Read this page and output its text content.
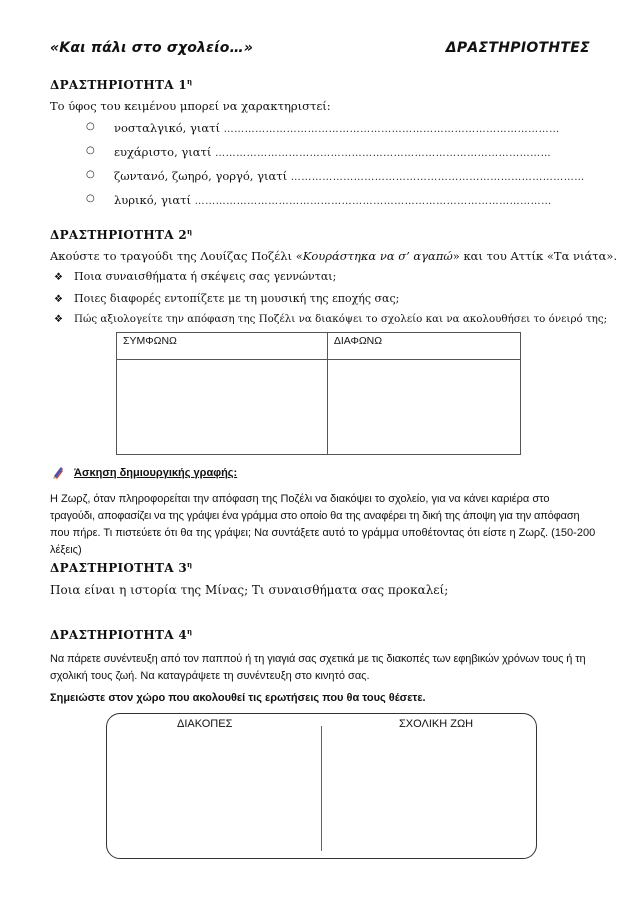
«Και πάλι στο σχολείο…»	ΔΡΑΣΤΗΡΙΟΤΗΤΕΣ
ΔΡΑΣΤΗΡΙΟΤΗΤΑ $1^\eta$
Το ύφος του κειμένου μπορεί να χαρακτηριστεί:
○ νοσταλγικό, γιατί ……………………………………………………………………………………
○ ευχάριστο, γιατί ……………………………………………………………………………………
○ ζωντανό, ζωηρό, γοργό, γιατί …………………………………………………………………………
○ λυρικό, γιατί …………………………………………………………………………………………
ΔΡΑΣΤΗΡΙΟΤΗΤΑ $2^\eta$
Ακούστε το τραγούδι της Λουίζας Ποζέλι «Κουράστηκα να σ’ αγαπώ» και του Αττίκ «Τα νιάτα».
❖ Ποια συναισθήματα ή σκέψεις σας γεννώνται;
❖ Ποιες διαφορές εντοπίζετε με τη μουσική της εποχής σας;
❖ Πώς αξιολογείτε την απόφαση της Ποζέλι να διακόψει το σχολείο και να ακολουθήσει το όνειρό της;
ΣΥΜΦΩΝΩ	ΔΙΑΦΩΝΩ

Άσκηση δημιουργικής γραφής:
Η Ζωρζ, όταν πληροφορείται την απόφαση της Ποζέλι να διακόψει το σχολείο, για να κάνει καριέρα στο
τραγούδι, αποφασίζει να της γράψει ένα γράμμα στο οποίο θα της αναφέρει τη δική της άποψη για την απόφαση
που πήρε. Τι πιστεύετε ότι θα της γράψει; Να συντάξετε αυτό το γράμμα υποθέτοντας ότι είστε η Ζωρζ. (150-200
λέξεις)
ΔΡΑΣΤΗΡΙΟΤΗΤΑ $3^\eta$
Ποια είναι η ιστορία της Μίνας; Τι συναισθήματα σας προκαλεί;
ΔΡΑΣΤΗΡΙΟΤΗΤΑ $4^\eta$
Να πάρετε συνέντευξη από τον παππού ή τη γιαγιά σας σχετικά με τις διακοπές των εφηβικών χρόνων τους ή τη
σχολική τους ζωή. Να καταγράψετε τη συνέντευξη στο κινητό σας.
Σημειώστε στον χώρο που ακολουθεί τις ερωτήσεις που θα τους θέσετε.
ΔΙΑΚΟΠΕΣ	ΣΧΟΛΙΚΗ ΖΩΗ
